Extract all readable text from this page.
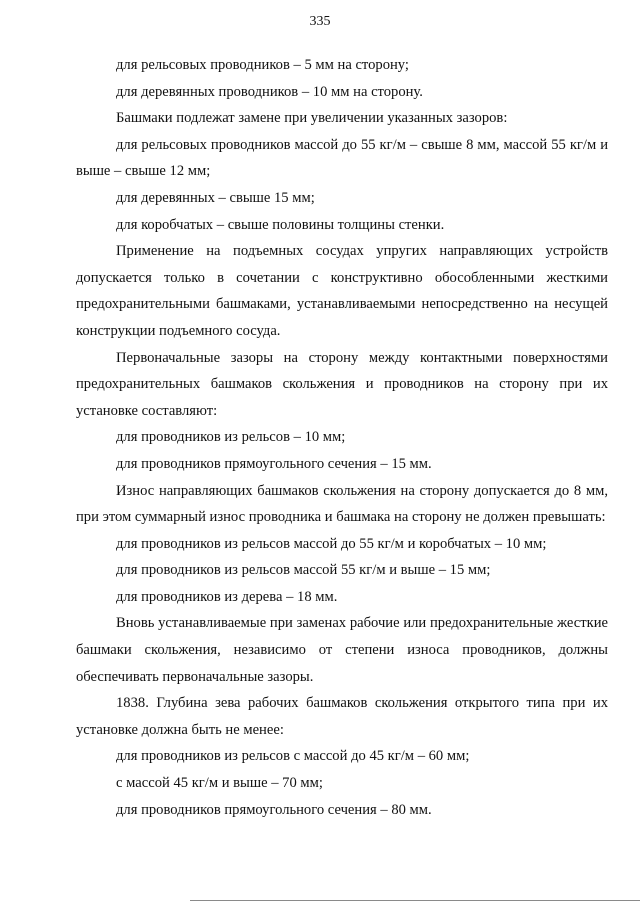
335

для рельсовых проводников – 5 мм на сторону;

для деревянных проводников – 10 мм на сторону.

Башмаки подлежат замене при увеличении указанных зазоров:

для рельсовых проводников массой до 55 кг/м – свыше 8 мм, массой 55 кг/м и выше – свыше 12 мм;

для деревянных – свыше 15 мм;

для коробчатых – свыше половины толщины стенки.

Применение на подъемных сосудах упругих направляющих устройств допускается только в сочетании с конструктивно обособленными жесткими предохранительными башмаками, устанавливаемыми непосредственно на несущей конструкции подъемного сосуда.

Первоначальные зазоры на сторону между контактными поверхностями предохранительных башмаков скольжения и проводников на сторону при их установке составляют:

для проводников из рельсов – 10 мм;

для проводников прямоугольного сечения – 15 мм.

Износ направляющих башмаков скольжения на сторону допускается до 8 мм, при этом суммарный износ проводника и башмака на сторону не должен превышать:

для проводников из рельсов массой до 55 кг/м и коробчатых – 10 мм;

для проводников из рельсов массой 55 кг/м и выше – 15 мм;

для проводников из дерева – 18 мм.

Вновь устанавливаемые при заменах рабочие или предохранительные жесткие башмаки скольжения, независимо от степени износа проводников, должны обеспечивать первоначальные зазоры.

1838. Глубина зева рабочих башмаков скольжения открытого типа при их установке должна быть не менее:

для проводников из рельсов с массой до 45 кг/м – 60 мм;

с массой 45 кг/м и выше – 70 мм;

для проводников прямоугольного сечения – 80 мм.
